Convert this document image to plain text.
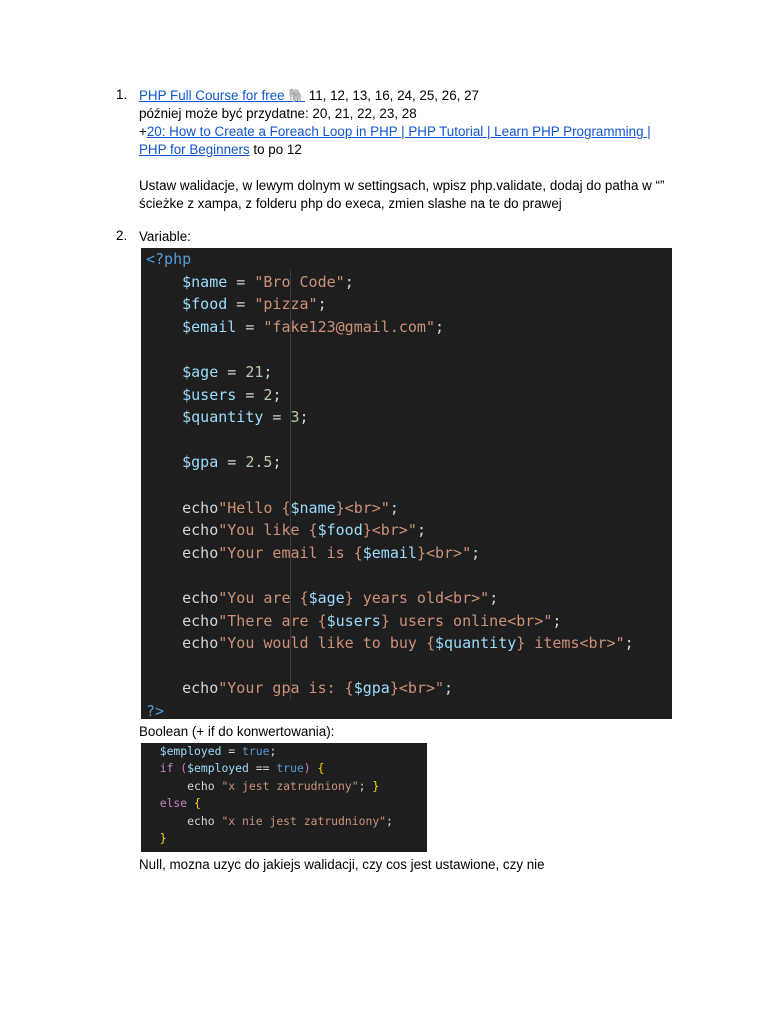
1. PHP Full Course for free 🐘 11, 12, 13, 16, 24, 25, 26, 27

później może być przydatne: 20, 21, 22, 23, 28

+20: How to Create a Foreach Loop in PHP | PHP Tutorial | Learn PHP Programming | PHP for Beginners to po 12

Ustaw walidacje, w lewym dolnym w settingsach, wpisz php.validate, dodaj do patha w “” ścieżke z xampa, z folderu php do execa, zmien slashe na te do prawej

2. Variable:

<?php
$name = "Bro Code";
$food = "pizza";
$email = "fake123@gmail.com";
$age = 21;
$users = 2;
$quantity = 3;
$gpa = 2.5;
echo"Hello {$name}<br>";
echo"You like {$food}<br>";
echo"Your email is {$email}<br>";
echo"You are {$age} years old<br>";
echo"There are {$users} users online<br>";
echo"You would like to buy {$quantity} items<br>";
echo"Your gpa is: {$gpa}<br>";
?>
Boolean (+ if do konwertowania):
$employed = true;
if ($employed == true) {
echo "x jest zatrudniony"; }
else {
echo "x nie jest zatrudniony";
}
Null, mozna uzyc do jakiejs walidacji, czy cos jest ustawione, czy nie
